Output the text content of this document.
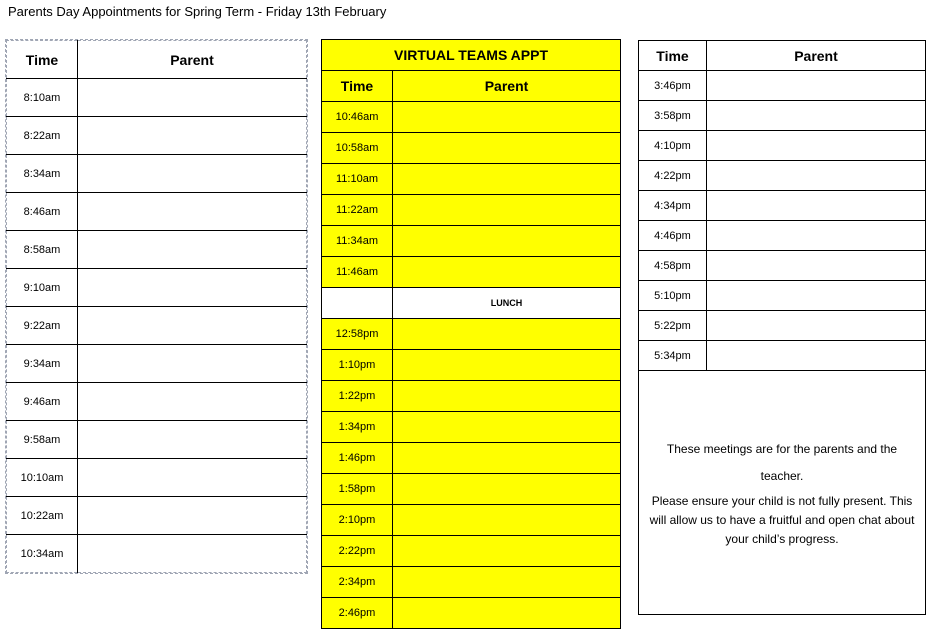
Parents Day Appointments for Spring Term - Friday 13th February
Time	Parent
8:10am	
8:22am	
8:34am	
8:46am	
8:58am	
9:10am	
9:22am	
9:34am	
9:46am	
9:58am	
10:10am	
10:22am	
10:34am	
VIRTUAL TEAMS APPT	
Time	Parent
10:46am	
10:58am	
11:10am	
11:22am	
11:34am	
11:46am	
	LUNCH
12:58pm	
1:10pm	
1:22pm	
1:34pm	
1:46pm	
1:58pm	
2:10pm	
2:22pm	
2:34pm	
2:46pm	
Time	Parent
3:46pm	
3:58pm	
4:10pm	
4:22pm	
4:34pm	
4:46pm	
4:58pm	
5:10pm	
5:22pm	
5:34pm	

These meetings are for the parents and the teacher.

Please ensure your child is not fully present. This will allow us to have a fruitful and open chat about your child’s progress.	
